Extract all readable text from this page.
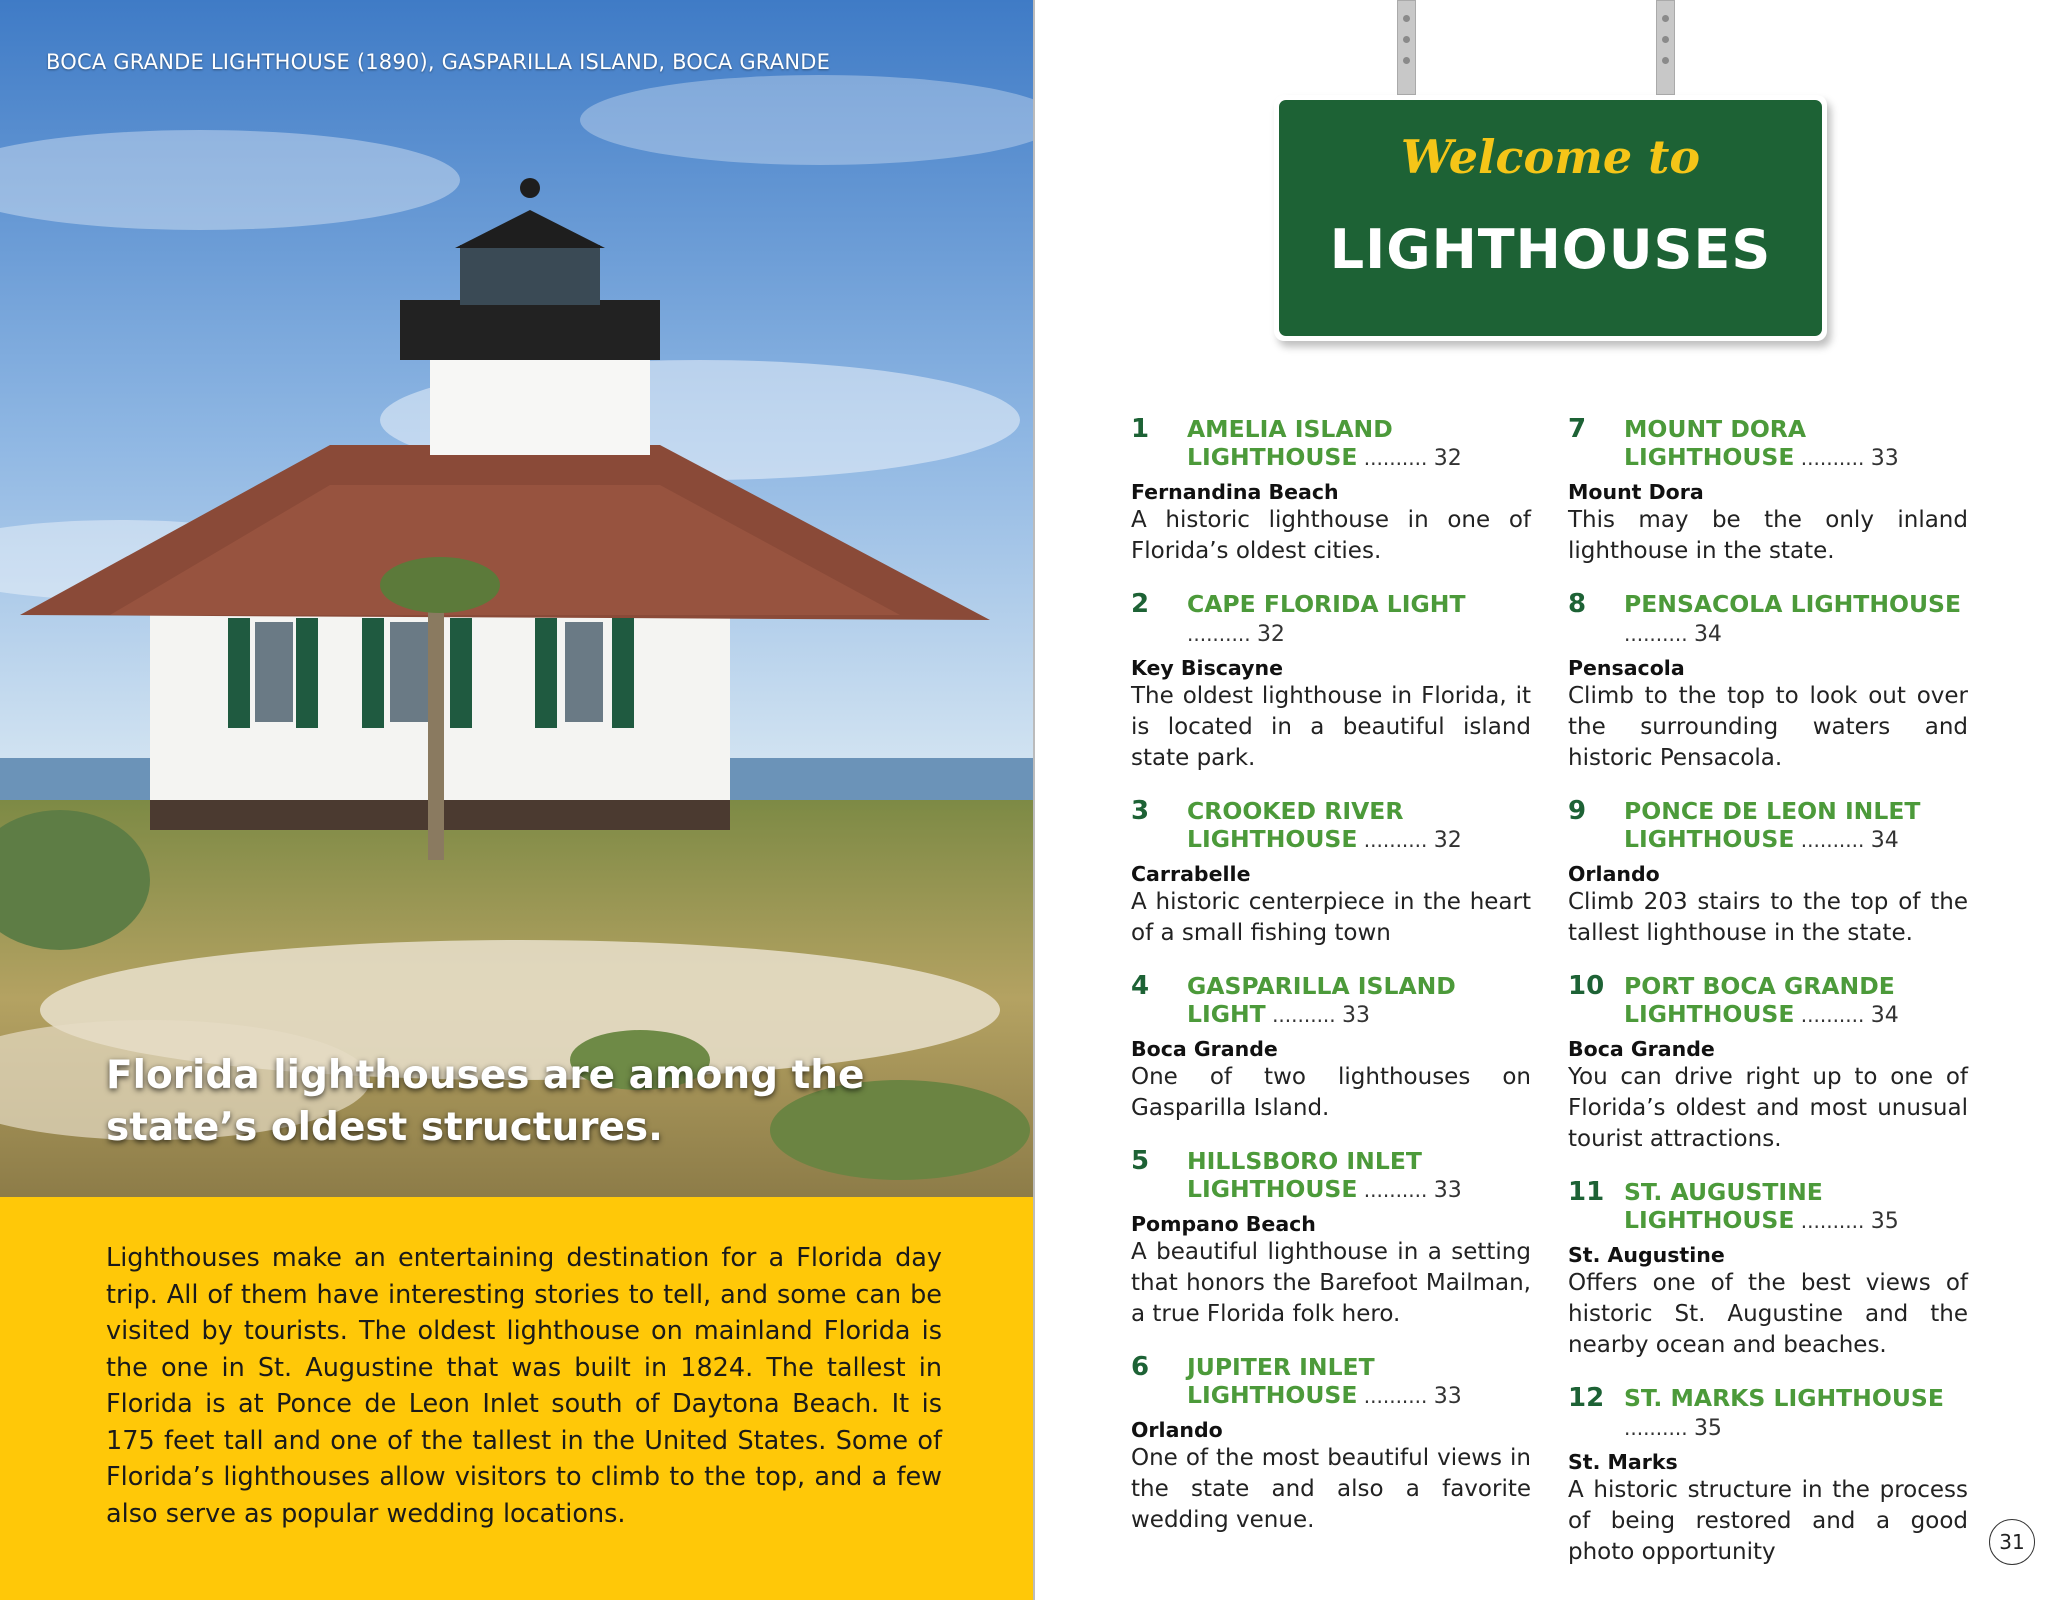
BOCA GRANDE LIGHTHOUSE (1890), GASPARILLA ISLAND, BOCA GRANDE
Florida lighthouses are among the state’s oldest structures.
Lighthouses make an entertaining destination for a Florida day trip. All of them have interesting stories to tell, and some can be visited by tourists. The oldest lighthouse on mainland Florida is the one in St. Augustine that was built in 1824. The tallest in Florida is at Ponce de Leon Inlet south of Daytona Beach. It is 175 feet tall and one of the tallest in the United States. Some of Florida’s lighthouses allow visitors to climb to the top, and a few also serve as popular wedding locations.
Welcome to
LIGHTHOUSES
1 AMELIA ISLAND LIGHTHOUSE .......... 32
Fernandina Beach
A historic lighthouse in one of Florida’s oldest cities.
2 CAPE FLORIDA LIGHT .......... 32
Key Biscayne
The oldest lighthouse in Florida, it is located in a beautiful island state park.
3 CROOKED RIVER LIGHTHOUSE .......... 32
Carrabelle
A historic centerpiece in the heart of a small fishing town
4 GASPARILLA ISLAND LIGHT .......... 33
Boca Grande
One of two lighthouses on Gasparilla Island.
5 HILLSBORO INLET LIGHTHOUSE .......... 33
Pompano Beach
A beautiful lighthouse in a setting that honors the Barefoot Mailman, a true Florida folk hero.
6 JUPITER INLET LIGHTHOUSE .......... 33
Orlando
One of the most beautiful views in the state and also a favorite wedding venue.
7 MOUNT DORA LIGHTHOUSE .......... 33
Mount Dora
This may be the only inland lighthouse in the state.
8 PENSACOLA LIGHTHOUSE .......... 34
Pensacola
Climb to the top to look out over the surrounding waters and historic Pensacola.
9 PONCE DE LEON INLET LIGHTHOUSE .......... 34
Orlando
Climb 203 stairs to the top of the tallest lighthouse in the state.
10 PORT BOCA GRANDE LIGHTHOUSE .......... 34
Boca Grande
You can drive right up to one of Florida’s oldest and most unusual tourist attractions.
11 ST. AUGUSTINE LIGHTHOUSE .......... 35
St. Augustine
Offers one of the best views of historic St. Augustine and the nearby ocean and beaches.
12 ST. MARKS LIGHTHOUSE .......... 35
St. Marks
A historic structure in the process of being restored and a good photo opportunity	31
